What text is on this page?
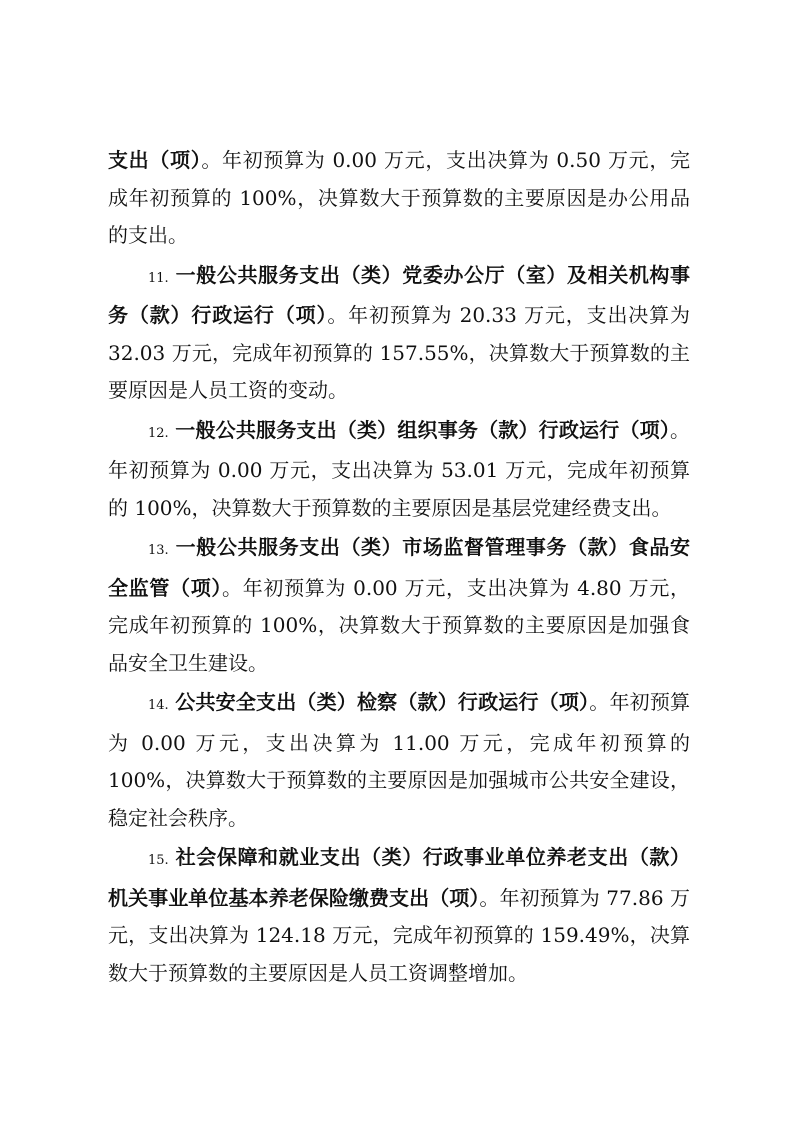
支出（项）。年初预算为 0.00 万元，支出决算为 0.50 万元，完成年初预算的 100%，决算数大于预算数的主要原因是办公用品的支出。

11. 一般公共服务支出（类）党委办公厅（室）及相关机构事务（款）行政运行（项）。年初预算为 20.33 万元，支出决算为 32.03 万元，完成年初预算的 157.55%，决算数大于预算数的主要原因是人员工资的变动。

12. 一般公共服务支出（类）组织事务（款）行政运行（项）。年初预算为 0.00 万元，支出决算为 53.01 万元，完成年初预算的 100%，决算数大于预算数的主要原因是基层党建经费支出。

13. 一般公共服务支出（类）市场监督管理事务（款）食品安全监管（项）。年初预算为 0.00 万元，支出决算为 4.80 万元，完成年初预算的 100%，决算数大于预算数的主要原因是加强食品安全卫生建设。

14. 公共安全支出（类）检察（款）行政运行（项）。年初预算为 0.00 万元，支出决算为 11.00 万元，完成年初预算的 100%，决算数大于预算数的主要原因是加强城市公共安全建设，稳定社会秩序。

15. 社会保障和就业支出（类）行政事业单位养老支出（款）机关事业单位基本养老保险缴费支出（项）。年初预算为 77.86 万元，支出决算为 124.18 万元，完成年初预算的 159.49%，决算数大于预算数的主要原因是人员工资调整增加。
